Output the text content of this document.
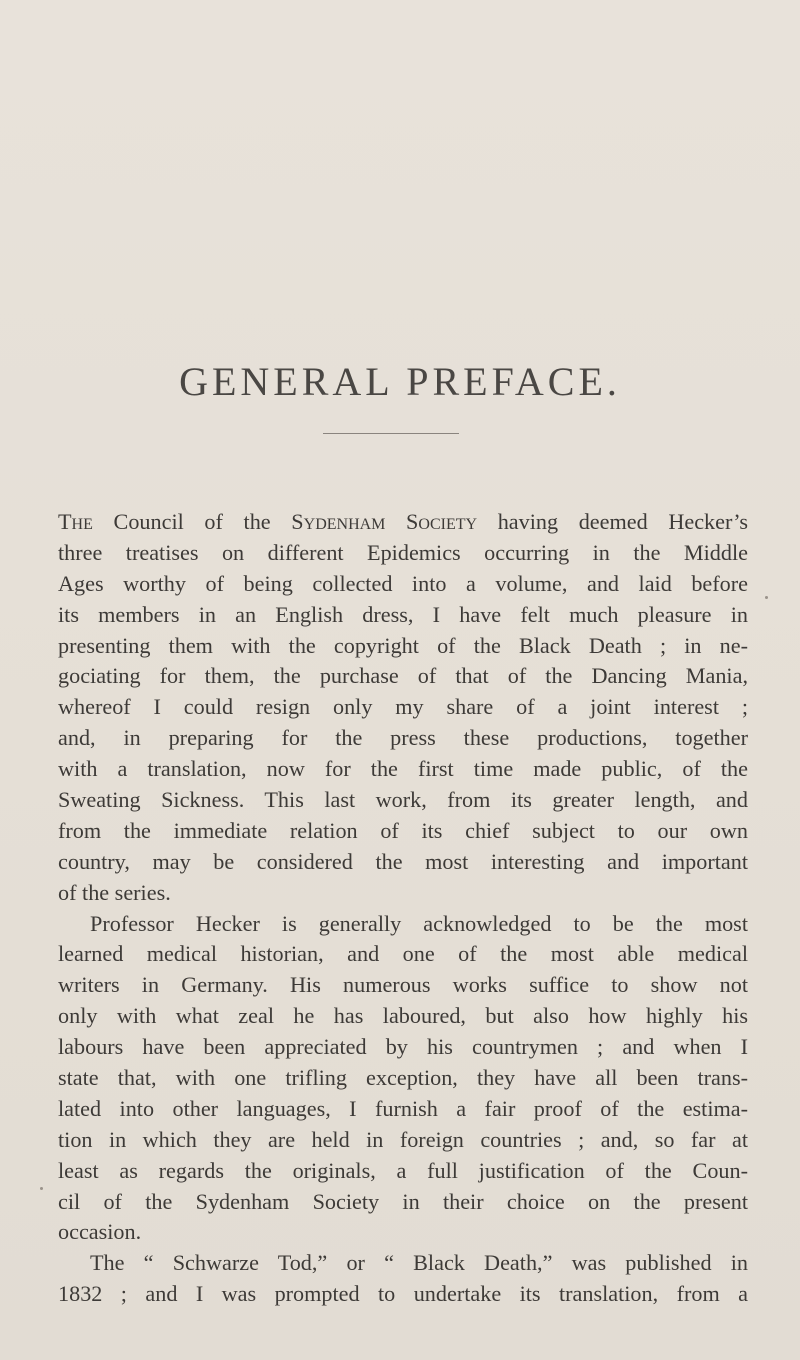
GENERAL PREFACE.
The Council of the Sydenham Society having deemed Hecker’s
three treatises on different Epidemics occurring in the Middle
Ages worthy of being collected into a volume, and laid before
its members in an English dress, I have felt much pleasure in
presenting them with the copyright of the Black Death ; in ne-
gociating for them, the purchase of that of the Dancing Mania,
whereof I could resign only my share of a joint interest ;
and, in preparing for the press these productions, together
with a translation, now for the first time made public, of the
Sweating Sickness. This last work, from its greater length, and
from the immediate relation of its chief subject to our own
country, may be considered the most interesting and important
of the series.
Professor Hecker is generally acknowledged to be the most
learned medical historian, and one of the most able medical
writers in Germany. His numerous works suffice to show not
only with what zeal he has laboured, but also how highly his
labours have been appreciated by his countrymen ; and when I
state that, with one trifling exception, they have all been trans-
lated into other languages, I furnish a fair proof of the estima-
tion in which they are held in foreign countries ; and, so far at
least as regards the originals, a full justification of the Coun-
cil of the Sydenham Society in their choice on the present
occasion.
The “ Schwarze Tod,” or “ Black Death,” was published in
1832 ; and I was prompted to undertake its translation, from a
